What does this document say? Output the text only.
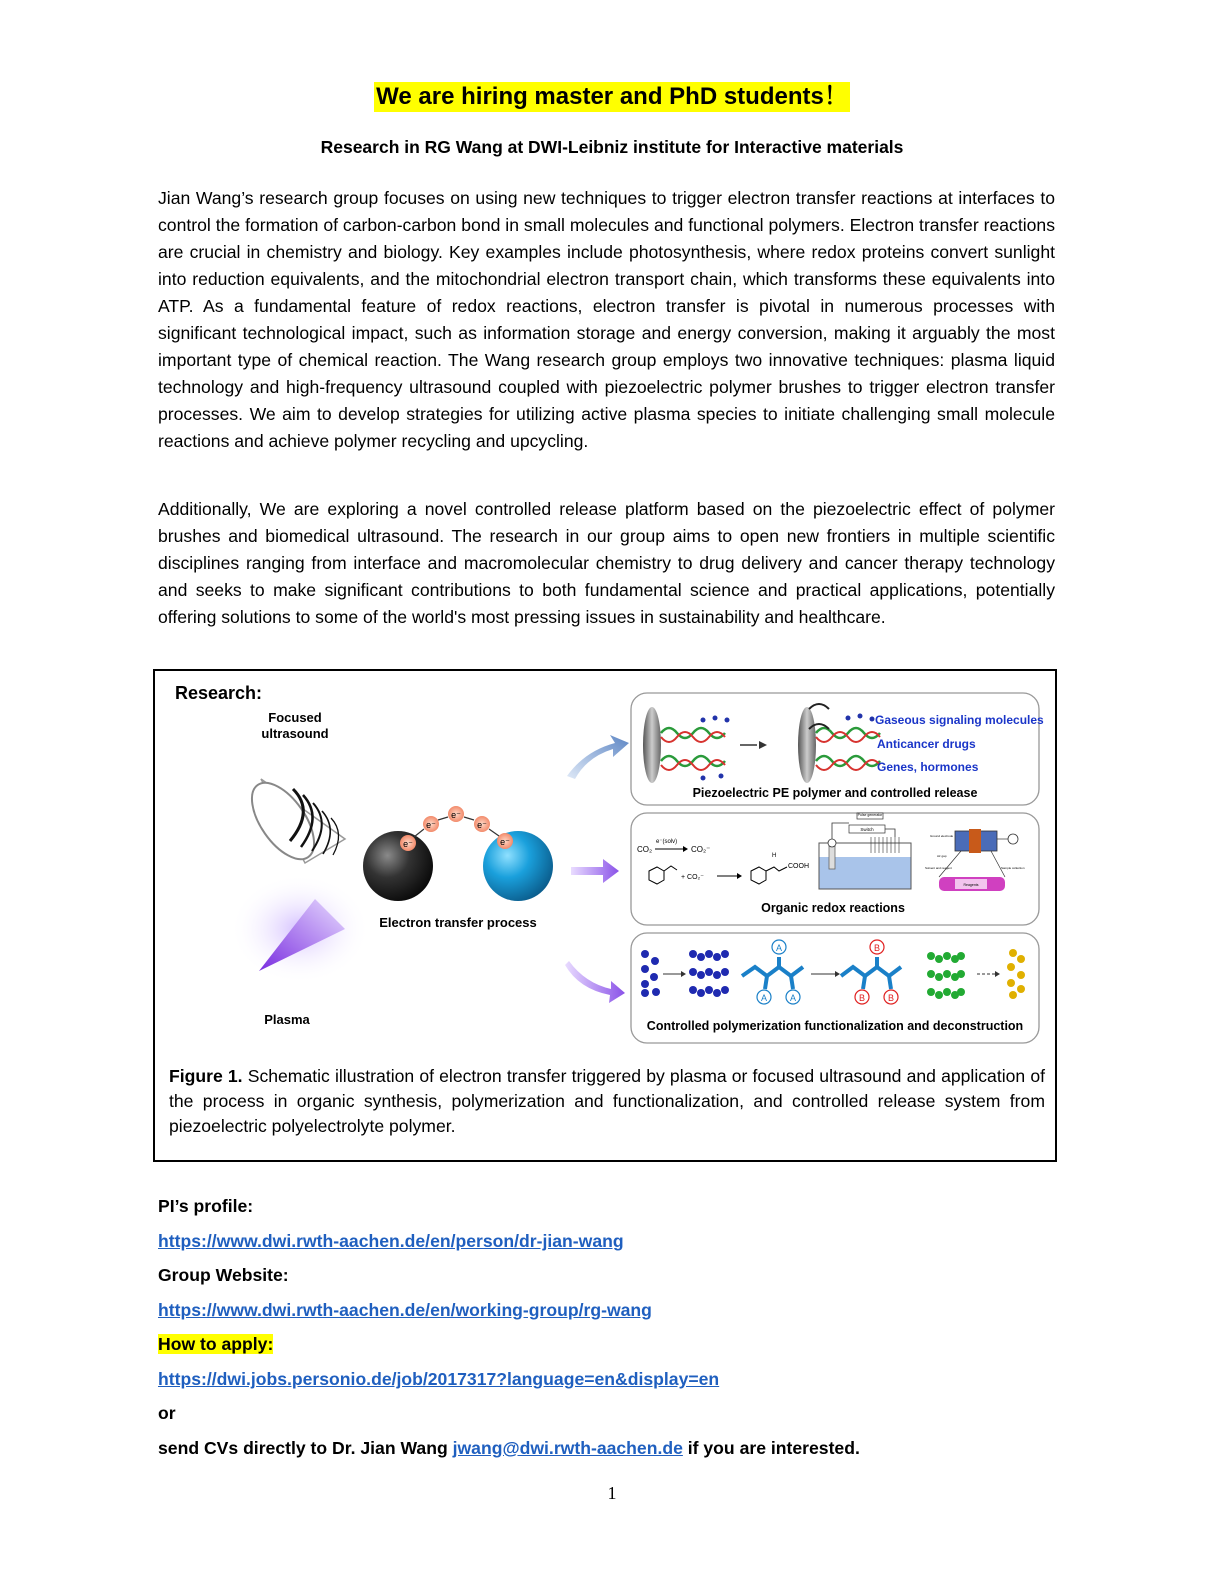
We are hiring master and PhD students！
Research in RG Wang at DWI-Leibniz institute for Interactive materials
Jian Wang’s research group focuses on using new techniques to trigger electron transfer reactions at interfaces to control the formation of carbon-carbon bond in small molecules and functional polymers. Electron transfer reactions are crucial in chemistry and biology. Key examples include photosynthesis, where redox proteins convert sunlight into reduction equivalents, and the mitochondrial electron transport chain, which transforms these equivalents into ATP. As a fundamental feature of redox reactions, electron transfer is pivotal in numerous processes with significant technological impact, such as information storage and energy conversion, making it arguably the most important type of chemical reaction. The Wang research group employs two innovative techniques: plasma liquid technology and high-frequency ultrasound coupled with piezoelectric polymer brushes to trigger electron transfer processes. We aim to develop strategies for utilizing active plasma species to initiate challenging small molecule reactions and achieve polymer recycling and upcycling.
Additionally, We are exploring a novel controlled release platform based on the piezoelectric effect of polymer brushes and biomedical ultrasound. The research in our group aims to open new frontiers in multiple scientific disciplines ranging from interface and macromolecular chemistry to drug delivery and cancer therapy technology and seeks to make significant contributions to both fundamental science and practical applications, potentially offering solutions to some of the world's most pressing issues in sustainability and healthcare.
Research:
Focused
ultrasound
Plasma
e⁻
e⁻
e⁻
e⁻
e⁻
Electron transfer process
Gaseous signaling molecules
Anticancer drugs
Genes, hormones
Piezoelectric PE polymer and controlled release
CO₂
e⁻(solv)
CO₂⁻
+ CO₂⁻
H
COOH
Switch
Pulse generator
Reagents
Ground electrode
Air gap
Solvent and reagent	Sample collection
Organic redox reactions
A
A	A
B
B	B
Controlled polymerization functionalization and deconstruction
Figure 1. Schematic illustration of electron transfer triggered by plasma or focused ultrasound and application of the process in organic synthesis, polymerization and functionalization, and controlled release system from piezoelectric polyelectrolyte polymer.
PI’s profile:
https://www.dwi.rwth-aachen.de/en/person/dr-jian-wang
Group Website:
https://www.dwi.rwth-aachen.de/en/working-group/rg-wang
How to apply:
https://dwi.jobs.personio.de/job/2017317?language=en&display=en
or
send CVs directly to Dr. Jian Wang jwang@dwi.rwth-aachen.de if you are interested.
1
